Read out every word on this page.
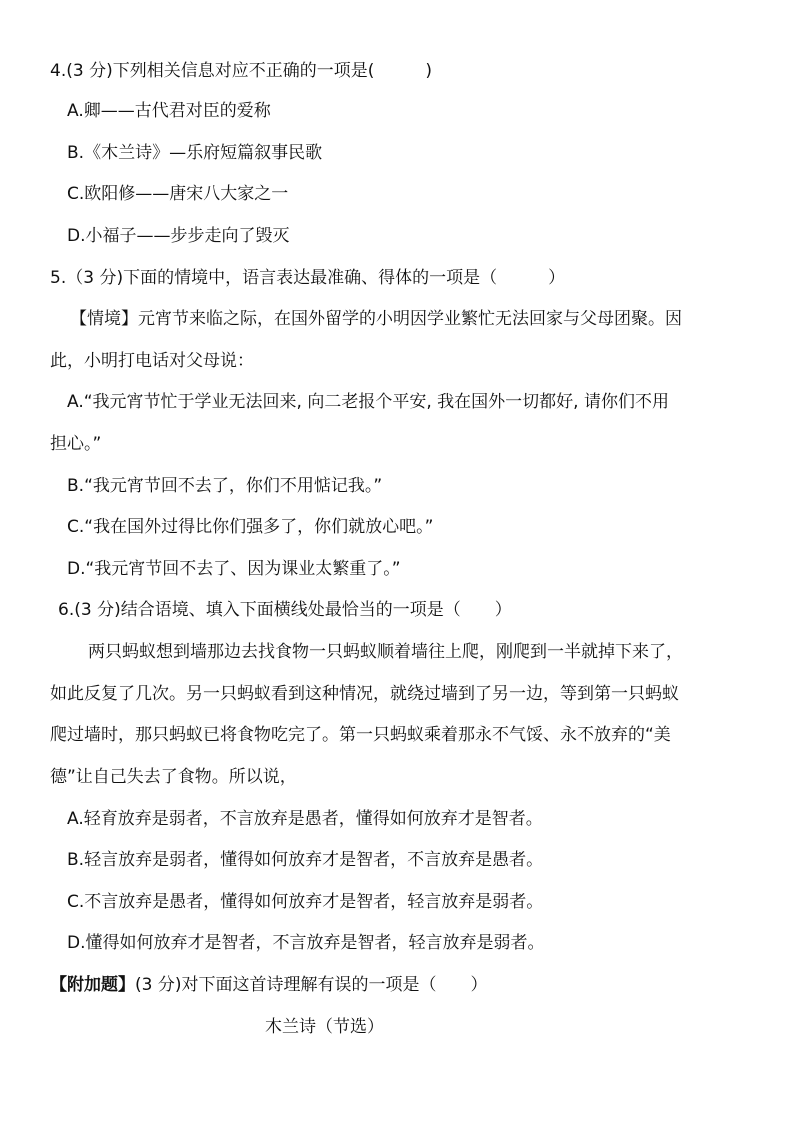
4.(3 分)下列相关信息对应不正确的一项是(　　　)
A.卿——古代君对臣的爱称
B.《木兰诗》—乐府短篇叙事民歌
C.欧阳修——唐宋八大家之一
D.小福子——步步走向了毁灭
5.（3 分)下面的情境中，语言表达最准确、得体的一项是（　　　）
【情境】元宵节来临之际，在国外留学的小明因学业繁忙无法回家与父母团聚。因
此，小明打电话对父母说：
A.“我元宵节忙于学业无法回来, 向二老报个平安, 我在国外一切都好, 请你们不用
担心。”
B.“我元宵节回不去了，你们不用惦记我。”
C.“我在国外过得比你们强多了，你们就放心吧。”
D.“我元宵节回不去了、因为课业太繁重了。”
6.(3 分)结合语境、填入下面横线处最恰当的一项是（　　）
两只蚂蚁想到墙那边去找食物一只蚂蚁顺着墙往上爬，刚爬到一半就掉下来了，
如此反复了几次。另一只蚂蚁看到这种情况，就绕过墙到了另一边，等到第一只蚂蚁
爬过墙时，那只蚂蚁已将食物吃完了。第一只蚂蚁乘着那永不气馁、永不放弃的“美
德”让自己失去了食物。所以说，
A.轻育放弃是弱者，不言放弃是愚者，懂得如何放弃才是智者。
B.轻言放弃是弱者，懂得如何放弃才是智者，不言放弃是愚者。
C.不言放弃是愚者，懂得如何放弃才是智者，轻言放弃是弱者。
D.懂得如何放弃才是智者，不言放弃是智者，轻言放弃是弱者。
【附加题】(3 分)对下面这首诗理解有误的一项是（　　）
木兰诗（节选）
